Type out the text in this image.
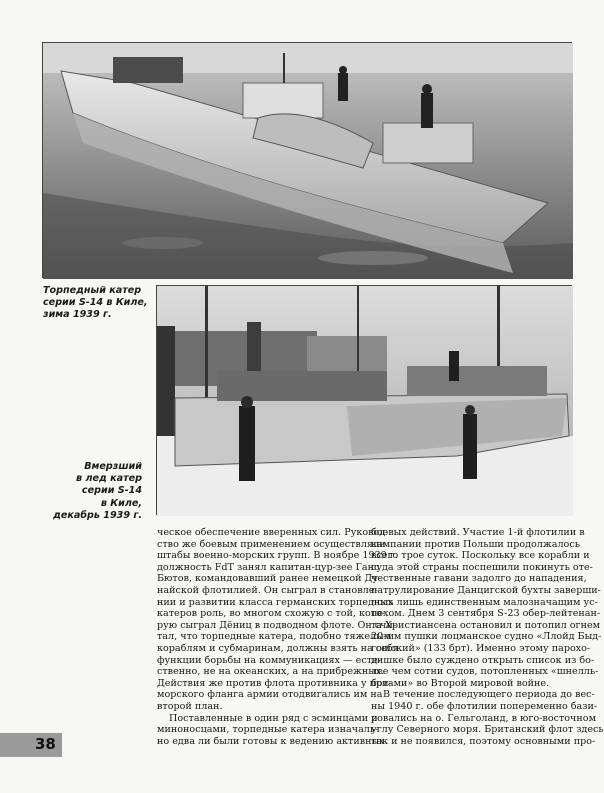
Торпедный катер
серии S-14 в Киле,
зима 1939 г.
Вмерзший
в лед катер
серии S-14
в Киле,
декабрь 1939 г.
ческое обеспечение вверенных сил. Руковод-
ство же боевым применением осуществляли
штабы военно-морских групп. В ноябре 1939 г.
должность FdT занял капитан-цур-зее Ганс
Бютов, командовавший ранее немецкой Ду-
найской флотилией. Он сыграл в становле-
нии и развитии класса германских торпедных
катеров роль, во многом схожую с той, кото-
рую сыграл Дёниц в подводном флоте. Он счи-
тал, что торпедные катера, подобно тяжелым
кораблям и субмаринам, должны взять на себя
функции борьбы на коммуникациях — есте-
ственно, не на океанских, а на прибрежных.
Действия же против флота противника у при-
морского фланга армии отодвигались им на
второй план.
Поставленные в один ряд с эсминцами и
миноносцами, торпедные катера изначаль-
но едва ли были готовы к ведению активных
боевых действий. Участие 1-й флотилии в
кампании против Польши продолжалось
всего трое суток. Поскольку все корабли и
суда этой страны поспешили покинуть оте-
чественные гавани задолго до нападения,
патрулирование Данцигской бухты заверши-
лось лишь единственным малозначащим ус-
пехом. Днем 3 сентября S-23 обер-лейтенан-
та Христиансена остановил и потопил огнем
20-мм пушки лоцманское судно «Ллойд Быд-
гошский» (133 брт). Именно этому парохо-
дишке было суждено открыть список из бо-
лее чем сотни судов, потопленных «шнелль-
ботами» во Второй мировой войне.
В течение последующего периода до вес-
ны 1940 г. обе флотилии попеременно бази-
ровались на о. Гельголанд, в юго-восточном
углу Северного моря. Британский флот здесь
так и не появился, поэтому основными про-
38
